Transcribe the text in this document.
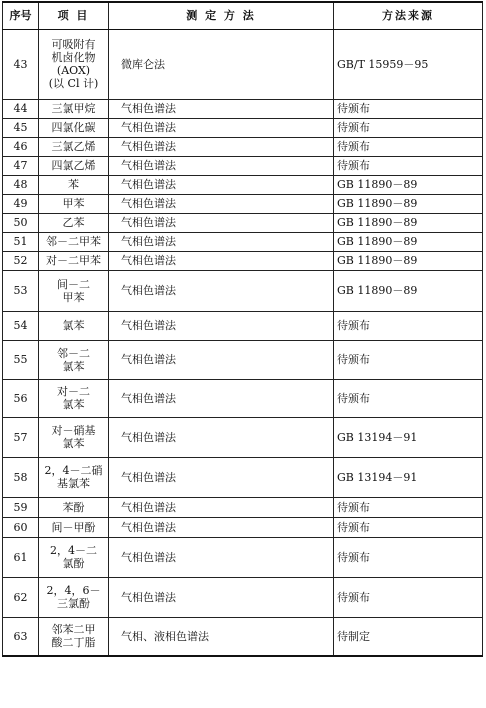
序号	项 目	测 定 方 法	方法来源
43	可吸附有
机卤化物
(AOX)
(以 Cl 计)	微库仑法	GB/T 15959－95
44	三氯甲烷	气相色谱法	待颁布
45	四氯化碳	气相色谱法	待颁布
46	三氯乙烯	气相色谱法	待颁布
47	四氯乙烯	气相色谱法	待颁布
48	苯	气相色谱法	GB 11890－89
49	甲苯	气相色谱法	GB 11890－89
50	乙苯	气相色谱法	GB 11890－89
51	邻－二甲苯	气相色谱法	GB 11890－89
52	对－二甲苯	气相色谱法	GB 11890－89
53	间－二
甲苯	气相色谱法	GB 11890－89
54	氯苯	气相色谱法	待颁布
55	邻－二
氯苯	气相色谱法	待颁布
56	对－二
氯苯	气相色谱法	待颁布
57	对－硝基
氯苯	气相色谱法	GB 13194－91
58	2，4－二硝
基氯苯	气相色谱法	GB 13194－91
59	苯酚	气相色谱法	待颁布
60	间－甲酚	气相色谱法	待颁布
61	2，4－二
氯酚	气相色谱法	待颁布
62	2，4，6－
三氯酚	气相色谱法	待颁布
63	邻苯二甲
酸二丁脂	气相、液相色谱法	待制定
